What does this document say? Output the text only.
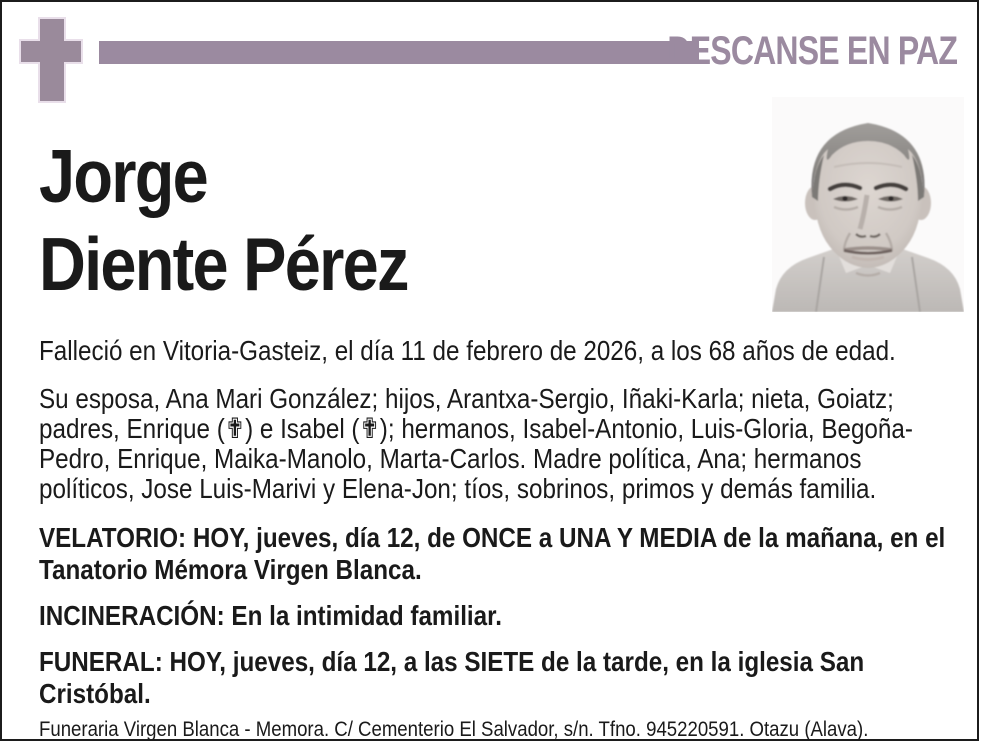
DESCANSE EN PAZ
Jorge
Diente Pérez

Falleció en Vitoria-Gasteiz, el día 11 de febrero de 2026, a los 68 años de edad.

Su esposa, Ana Mari González; hijos, Arantxa-Sergio, Iñaki-Karla; nieta, Goiatz; padres, Enrique (✟) e Isabel (✟); hermanos, Isabel-Antonio, Luis-Gloria, Begoña-Pedro, Enrique, Maika-Manolo, Marta-Carlos. Madre política, Ana; hermanos políticos, Jose Luis-Marivi y Elena-Jon; tíos, sobrinos, primos y demás familia.

VELATORIO: HOY, jueves, día 12, de ONCE a UNA Y MEDIA de la mañana, en el Tanatorio Mémora Virgen Blanca.

INCINERACIÓN: En la intimidad familiar.

FUNERAL: HOY, jueves, día 12, a las SIETE de la tarde, en la iglesia San Cristóbal.

Funeraria Virgen Blanca - Memora. C/ Cementerio El Salvador, s/n. Tfno. 945220591. Otazu (Alava).
